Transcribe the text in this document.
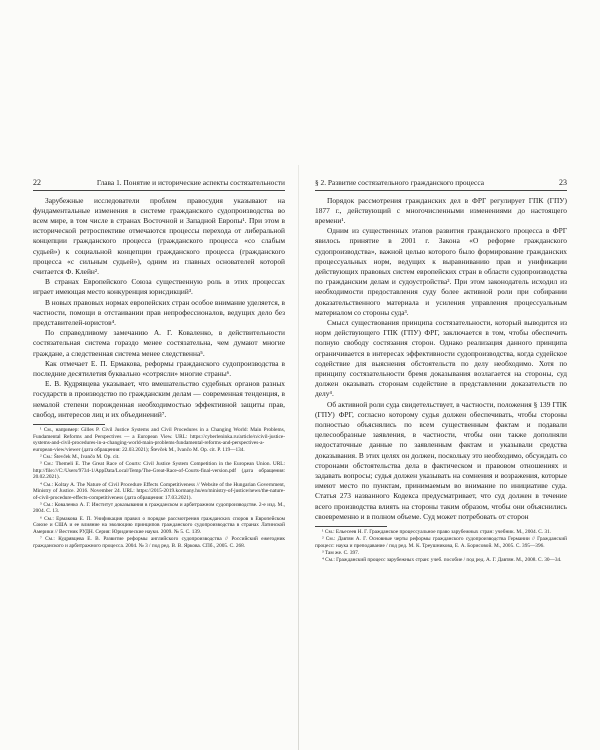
22	Глава 1. Понятие и исторические аспекты состязательности

Зарубежные исследователи проблем правосудия указывают на фундаментальные изменения в системе гражданского судопроизводства во всем мире, в том числе в странах Восточной и Западной Европы¹. При этом в исторической ретроспективе отмечаются процессы перехода от либеральной концепции гражданского процесса (гражданского процесса «со слабым судьей») к социальной концепции гражданского процесса (гражданского процесса «с сильным судьей»), одним из главных основателей которой считается Ф. Клейн².

В странах Европейского Союза существенную роль в этих процессах играет имеющая место конкуренция юрисдикций³.

В новых правовых нормах европейских стран особое внимание уделяется, в частности, помощи в отстаивании прав непрофессионалов, ведущих дело без представителей-юристов⁴.

По справедливому замечанию А. Г. Коваленко, в действительности состязательная система гораздо менее состязательна, чем думают многие граждане, а следственная система менее следственна⁵.

Как отмечает Е. П. Ермакова, реформы гражданского судопроизводства в последние десятилетия буквально «сотрясли» многие страны⁶.

Е. В. Кудрявцева указывает, что вмешательство судебных органов разных государств в производство по гражданским делам — современная тенденция, в немалой степени порожденная необходимостью эффективной защиты прав, свобод, интересов лиц и их объединений⁷.

¹ См., например: Gilles P. Civil Justice Systems and Civil Procedures in a Changing World: Main Problems, Fundamental Reforms and Perspectives — a European View. URL: https://cyberleninka.ru/article/n/civil-justice-systems-and-civil-procedures-in-a-changing-world-main-problems-fundamental-reforms-and-perspectives-a-european-view/viewer (дата обращения: 22.03.2021); Števček M., Ivančo M. Op. cit. P. 119—134.

² См.: Števček M., Ivančo M. Op. cit.

³ См.: Themeli E. The Great Race of Courts: Civil Justice System Competition in the European Union. URL: http://file:///C:/Users/9734-1/AppData/Local/Temp/The-Great-Race-of-Courts-final-version.pdf (дата обращения: 20.02.2021).

⁴ См.: Koltay A. The Nature of Civil Procedure Effects Competitiveness // Website of the Hungarian Government, Ministry of Justice. 2016. November 24. URL: https://2015-2019.kormany.hu/en/ministry-of-justice/news/the-nature-of-civil-procedure-effects-competitiveness (дата обращения: 17.03.2021).

⁵ См.: Коваленко А. Г. Институт доказывания в гражданском и арбитражном судопроизводстве. 2-е изд. М., 2004. С. 13.

⁶ См.: Ермакова Е. П. Унификация правил о порядке рассмотрения гражданских споров в Европейском Союзе и США и ее влияние на эволюцию принципов гражданского судопроизводства в странах Латинской Америки // Вестник РУДН. Серия: Юридические науки. 2009. № 5. С. 139.

⁷ См.: Кудрявцева Е. В. Развитие реформы английского судопроизводства // Российский ежегодник гражданского и арбитражного процесса. 2004. № 3 / под ред. В. В. Яркова. СПб., 2005. С. 268.

§ 2. Развитие состязательного гражданского процесса	23

Порядок рассмотрения гражданских дел в ФРГ регулирует ГПК (ГПУ) 1877 г., действующий с многочисленными изменениями до настоящего времени¹.

Одним из существенных этапов развития гражданского процесса в ФРГ явилось принятие в 2001 г. Закона «О реформе гражданского судопроизводства», важной целью которого было формирование гражданских процессуальных норм, ведущих к выравниванию прав и унификации действующих правовых систем европейских стран в области судопроизводства по гражданским делам и судоустройства². При этом законодатель исходил из необходимости предоставления суду более активной роли при собирании доказательственного материала и усиления управления процессуальным материалом со стороны суда³.

Смысл существования принципа состязательности, который выводится из норм действующего ГПК (ГПУ) ФРГ, заключается в том, чтобы обеспечить полную свободу состязания сторон. Однако реализация данного принципа ограничивается в интересах эффективности судопроизводства, когда судейское содействие для выяснения обстоятельств по делу необходимо. Хотя по принципу состязательности бремя доказывания возлагается на стороны, суд должен оказывать сторонам содействие в представлении доказательств по делу⁴.

Об активной роли суда свидетельствует, в частности, положения § 139 ГПК (ГПУ) ФРГ, согласно которому судья должен обеспечивать, чтобы стороны полностью объяснялись по всем существенным фактам и подавали целесообразные заявления, в частности, чтобы они также дополняли недостаточные данные по заявленным фактам и указывали средства доказывания. В этих целях он должен, поскольку это необходимо, обсуждать со сторонами обстоятельства дела в фактическом и правовом отношениях и задавать вопросы; судья должен указывать на сомнения и возражения, которые имеют место по пунктам, принимаемым во внимание по инициативе суда. Статья 273 названного Кодекса предусматривает, что суд должен в течение всего производства влиять на стороны таким образом, чтобы они объяснились своевременно и в полном объеме. Суд может потребовать от сторон

¹ См.: Ельесеев Н. Г. Гражданское процессуальное право зарубежных стран: учебник. М., 2004. С. 31.

² См.: Давтян А. Г. Основные черты реформы гражданского судопроизводства Германии // Гражданский процесс: наука и преподавание / под ред. М. К. Треушникова, Е. А. Борисовой. М., 2005. С. 395—396.

³ Там же. С. 397.

⁴ См.: Гражданский процесс зарубежных стран: учеб. пособие / под ред. А. Г. Давтян. М., 2008. С. 30—34.
